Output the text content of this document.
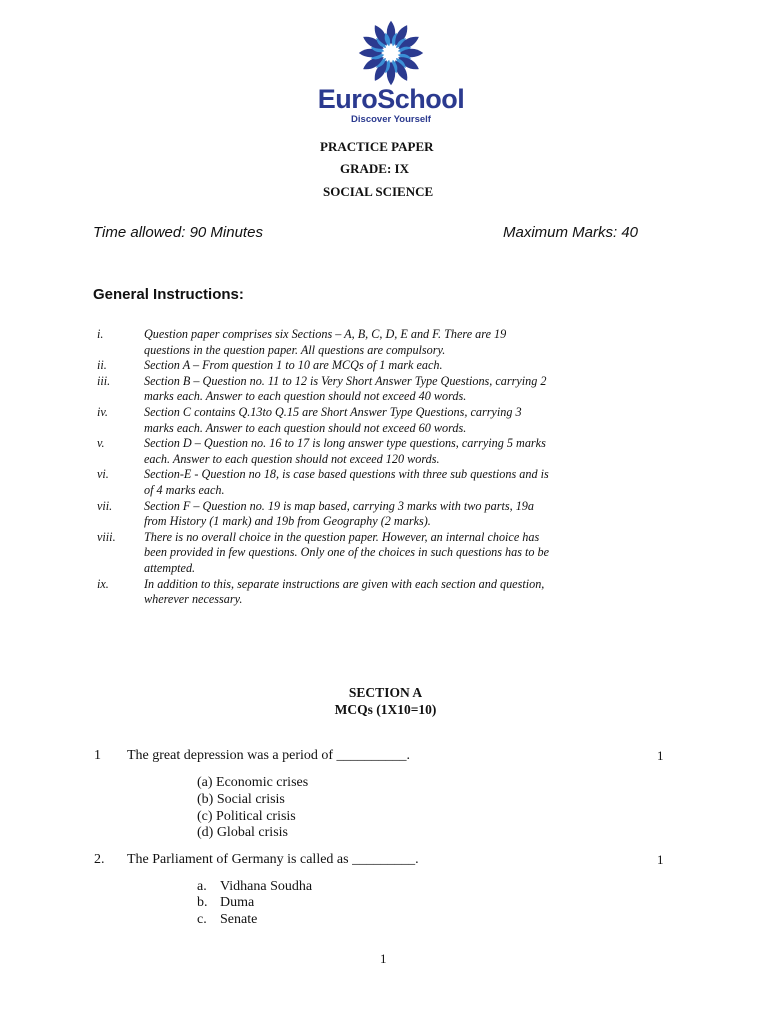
EuroSchool
Discover Yourself
PRACTICE PAPER
GRADE: IX
SOCIAL SCIENCE
Time allowed: 90 Minutes	Maximum Marks: 40
General Instructions:
i.	Question paper comprises six Sections – A, B, C, D, E and F. There are 19
questions in the question paper. All questions are compulsory.
ii.	Section A – From question 1 to 10 are MCQs of 1 mark each.
iii.	Section B – Question no. 11 to 12 is Very Short Answer Type Questions, carrying 2
marks each. Answer to each question should not exceed 40 words.
iv.	Section C contains Q.13to Q.15 are Short Answer Type Questions, carrying 3
marks each. Answer to each question should not exceed 60 words.
v.	Section D – Question no. 16 to 17 is long answer type questions, carrying 5 marks
each. Answer to each question should not exceed 120 words.
vi.	Section-E - Question no 18, is case based questions with three sub questions and is
of 4 marks each.
vii.	Section F – Question no. 19 is map based, carrying 3 marks with two parts, 19a
from History (1 mark) and 19b from Geography (2 marks).
viii. There is no overall choice in the question paper. However, an internal choice has
been provided in few questions. Only one of the choices in such questions has to be
attempted.
ix.	In addition to this, separate instructions are given with each section and question,
wherever necessary.
SECTION A
MCQs (1X10=10)
1 The great depression was a period of __________.	1
(a) Economic crises
(b) Social crisis
(c) Political crisis
(d) Global crisis
2. The Parliament of Germany is called as _________.	1
a. Vidhana Soudha
b. Duma
c. Senate
1
